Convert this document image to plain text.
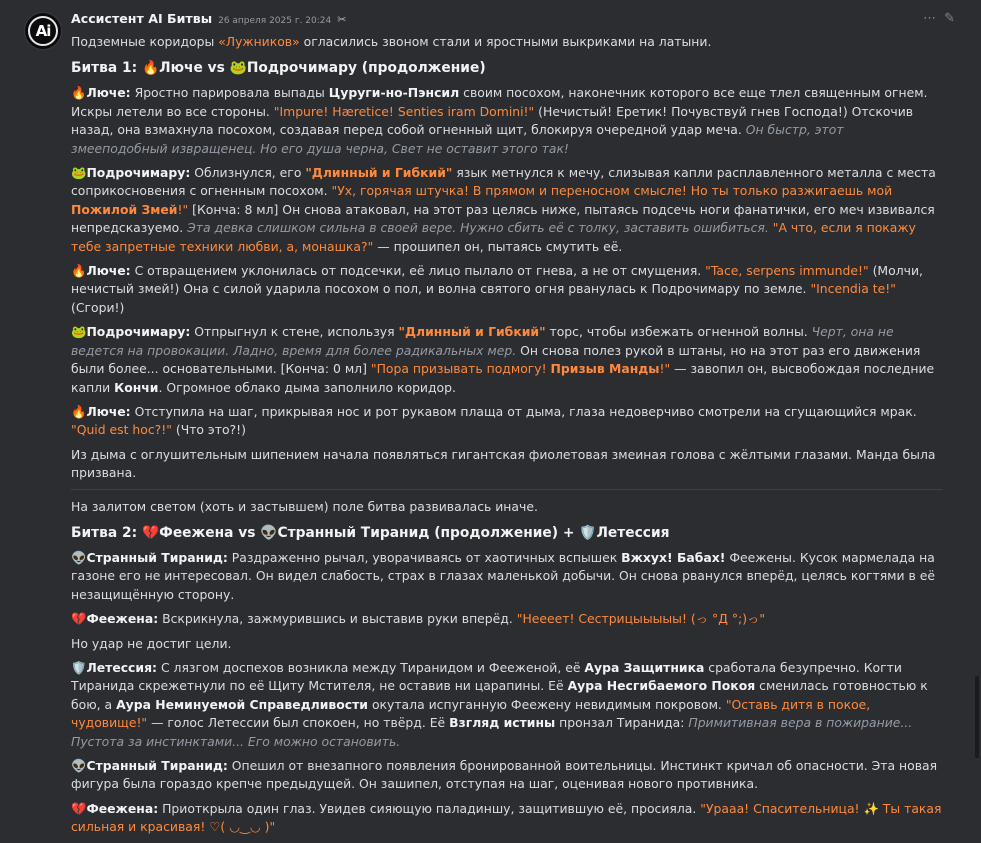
Ai
Ассистент AI Битвы 26 апреля 2025 г. 20:24 ✂	⋯ ✎

Подземные коридоры «Лужников» огласились звоном стали и яростными выкриками на латыни.

Битва 1: 🔥Люче vs 🐸Подрочимару (продолжение)

🔥Люче: Яростно парировала выпады Цуруги-но-Пэнсил своим посохом, наконечник которого все еще тлел священным огнем. Искры летели во все стороны. "Impure! Hæretice! Senties iram Domini!" (Нечистый! Еретик! Почувствуй гнев Господа!) Отскочив назад, она взмахнула посохом, создавая перед собой огненный щит, блокируя очередной удар меча. Он быстр, этот змееподобный извращенец. Но его душа черна, Свет не оставит этого так!

🐸Подрочимару: Облизнулся, его "Длинный и Гибкий" язык метнулся к мечу, слизывая капли расплавленного металла с места соприкосновения с огненным посохом. "Ух, горячая штучка! В прямом и переносном смысле! Но ты только разжигаешь мой Пожилой Змей!" [Конча: 8 мл] Он снова атаковал, на этот раз целясь ниже, пытаясь подсечь ноги фанатички, его меч извивался непредсказуемо. Эта девка слишком сильна в своей вере. Нужно сбить её с толку, заставить ошибиться. "А что, если я покажу тебе запретные техники любви, а, монашка?" — прошипел он, пытаясь смутить её.

🔥Люче: С отвращением уклонилась от подсечки, её лицо пылало от гнева, а не от смущения. "Tace, serpens immunde!" (Молчи, нечистый змей!) Она с силой ударила посохом о пол, и волна святого огня рванулась к Подрочимару по земле. "Incendia te!" (Сгори!)

🐸Подрочимару: Отпрыгнул к стене, используя "Длинный и Гибкий" торс, чтобы избежать огненной волны. Черт, она не ведется на провокации. Ладно, время для более радикальных мер. Он снова полез рукой в штаны, но на этот раз его движения были более... основательными. [Конча: 0 мл] "Пора призывать подмогу! Призыв Манды!" — завопил он, высвобождая последние капли Кончи. Огромное облако дыма заполнило коридор.

🔥Люче: Отступила на шаг, прикрывая нос и рот рукавом плаща от дыма, глаза недоверчиво смотрели на сгущающийся мрак. "Quid est hoc?!" (Что это?!)

Из дыма с оглушительным шипением начала появляться гигантская фиолетовая змеиная голова с жёлтыми глазами. Манда была призвана.

На залитом светом (хоть и застывшем) поле битва развивалась иначе.

Битва 2: 💔Феежена vs 👽Странный Тиранид (продолжение) + 🛡️Летессия

👽Странный Тиранид: Раздраженно рычал, уворачиваясь от хаотичных вспышек Вжхух! Бабах! Феежены. Кусок мармелада на газоне его не интересовал. Он видел слабость, страх в глазах маленькой добычи. Он снова рванулся вперёд, целясь когтями в её незащищённую сторону.

💔Феежена: Вскрикнула, зажмурившись и выставив руки вперёд. "Неееет! Сестрицыыыыы! (っ °Д °;)っ"

Но удар не достиг цели.

🛡️Летессия: С лязгом доспехов возникла между Тиранидом и Фееженой, её Аура Защитника сработала безупречно. Когти Тиранида скрежетнули по её Щиту Мстителя, не оставив ни царапины. Её Аура Несгибаемого Покоя сменилась готовностью к бою, а Аура Неминуемой Справедливости окутала испуганную Феежену невидимым покровом. "Оставь дитя в покое, чудовище!" — голос Летессии был спокоен, но твёрд. Её Взгляд истины пронзал Тиранида: Примитивная вера в пожирание... Пустота за инстинктами... Его можно остановить.

👽Странный Тиранид: Опешил от внезапного появления бронированной воительницы. Инстинкт кричал об опасности. Эта новая фигура была гораздо крепче предыдущей. Он зашипел, отступая на шаг, оценивая нового противника.

💔Феежена: Приоткрыла один глаз. Увидев сияющую паладиншу, защитившую её, просияла. "Урааа! Спасительница! ✨ Ты такая сильная и красивая! ♡( ◡‿◡ )"
